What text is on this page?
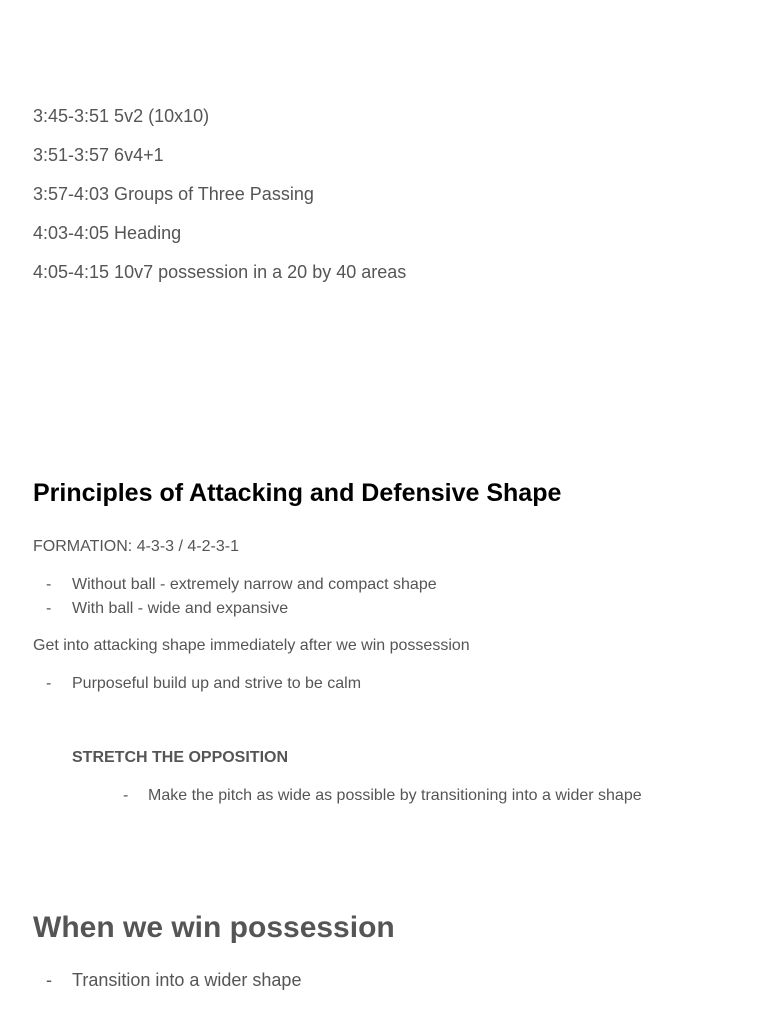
3:45-3:51 5v2 (10x10)
3:51-3:57 6v4+1
3:57-4:03 Groups of Three Passing
4:03-4:05 Heading
4:05-4:15 10v7 possession in a 20 by 40 areas
Principles of Attacking and Defensive Shape
FORMATION: 4-3-3 / 4-2-3-1
- Without ball - extremely narrow and compact shape
- With ball - wide and expansive
Get into attacking shape immediately after we win possession
- Purposeful build up and strive to be calm
STRETCH THE OPPOSITION
- Make the pitch as wide as possible by transitioning into a wider shape
When we win possession
- Transition into a wider shape
